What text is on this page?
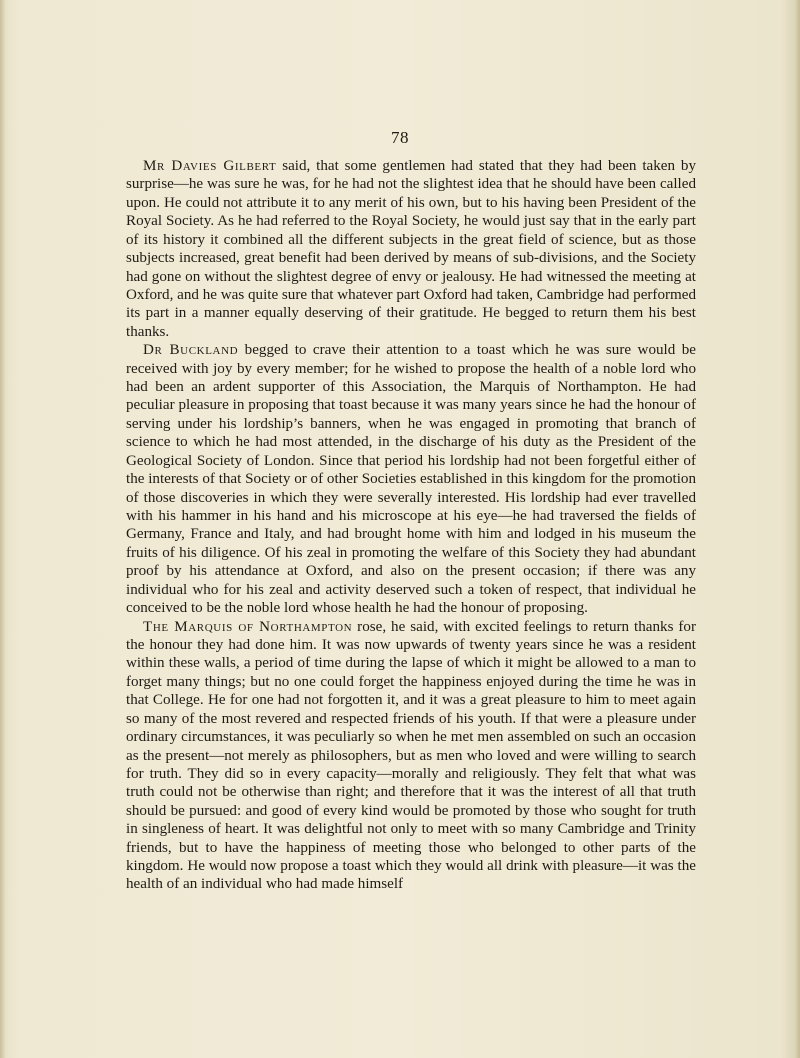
78

Mr Davies Gilbert said, that some gentlemen had stated that they had been taken by surprise—he was sure he was, for he had not the slightest idea that he should have been called upon. He could not attribute it to any merit of his own, but to his having been President of the Royal Society. As he had referred to the Royal Society, he would just say that in the early part of its history it combined all the different subjects in the great field of science, but as those subjects increased, great benefit had been derived by means of sub-divisions, and the Society had gone on without the slightest degree of envy or jealousy. He had witnessed the meeting at Oxford, and he was quite sure that whatever part Oxford had taken, Cambridge had performed its part in a manner equally deserving of their gratitude. He begged to return them his best thanks.

Dr Buckland begged to crave their attention to a toast which he was sure would be received with joy by every member; for he wished to propose the health of a noble lord who had been an ardent supporter of this Association, the Marquis of Northampton. He had peculiar pleasure in proposing that toast because it was many years since he had the honour of serving under his lordship’s banners, when he was engaged in promoting that branch of science to which he had most attended, in the discharge of his duty as the President of the Geological Society of London. Since that period his lordship had not been forgetful either of the interests of that Society or of other Societies established in this kingdom for the promotion of those discoveries in which they were severally interested. His lordship had ever travelled with his hammer in his hand and his microscope at his eye—he had traversed the fields of Germany, France and Italy, and had brought home with him and lodged in his museum the fruits of his diligence. Of his zeal in promoting the welfare of this Society they had abundant proof by his attendance at Oxford, and also on the present occasion; if there was any individual who for his zeal and activity deserved such a token of respect, that individual he conceived to be the noble lord whose health he had the honour of proposing.

The Marquis of Northampton rose, he said, with excited feelings to return thanks for the honour they had done him. It was now upwards of twenty years since he was a resident within these walls, a period of time during the lapse of which it might be allowed to a man to forget many things; but no one could forget the happiness enjoyed during the time he was in that College. He for one had not forgotten it, and it was a great pleasure to him to meet again so many of the most revered and respected friends of his youth. If that were a pleasure under ordinary circumstances, it was peculiarly so when he met men assembled on such an occasion as the present—not merely as philosophers, but as men who loved and were willing to search for truth. They did so in every capacity—morally and religiously. They felt that what was truth could not be otherwise than right; and therefore that it was the interest of all that truth should be pursued: and good of every kind would be promoted by those who sought for truth in singleness of heart. It was delightful not only to meet with so many Cambridge and Trinity friends, but to have the happiness of meeting those who belonged to other parts of the kingdom. He would now propose a toast which they would all drink with pleasure—it was the health of an individual who had made himself
